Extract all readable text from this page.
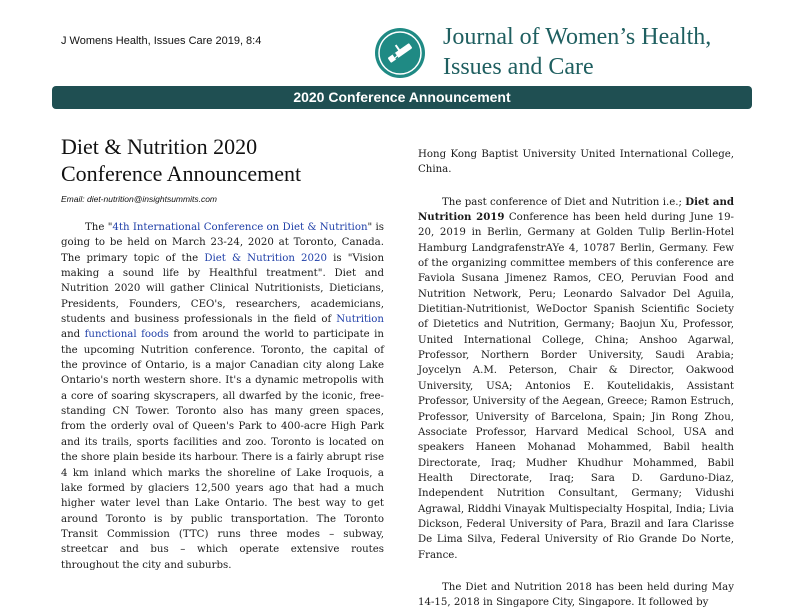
J Womens Health, Issues Care 2019, 8:4	Journal of Women’s Health,
Issues and Care
2020 Conference Announcement
Diet & Nutrition 2020
Conference Announcement
Email: diet-nutrition@insightsummits.com

The "4th International Conference on Diet & Nutrition" is going to be held on March 23-24, 2020 at Toronto, Canada. The primary topic of the Diet & Nutrition 2020 is "Vision making a sound life by Healthful treatment". Diet and Nutrition 2020 will gather Clinical Nutritionists, Dieticians, Presidents, Founders, CEO's, researchers, academicians, students and business professionals in the field of Nutrition and functional foods from around the world to participate in the upcoming Nutrition conference. Toronto, the capital of the province of Ontario, is a major Canadian city along Lake Ontario's north western shore. It's a dynamic metropolis with a core of soaring skyscrapers, all dwarfed by the iconic, free-standing CN Tower. Toronto also has many green spaces, from the orderly oval of Queen's Park to 400-acre High Park and its trails, sports facilities and zoo. Toronto is located on the shore plain beside its harbour. There is a fairly abrupt rise 4 km inland which marks the shoreline of Lake Iroquois, a lake formed by glaciers 12,500 years ago that had a much higher water level than Lake Ontario. The best way to get around Toronto is by public transportation. The Toronto Transit Commission (TTC) runs three modes – subway, streetcar and bus – which operate extensive routes throughout the city and suburbs.

Hong Kong Baptist University United International College, China.

The past conference of Diet and Nutrition i.e.; Diet and Nutrition 2019 Conference has been held during June 19-20, 2019 in Berlin, Germany at Golden Tulip Berlin-Hotel Hamburg LandgrafenstrAYe 4, 10787 Berlin, Germany. Few of the organizing committee members of this conference are Faviola Susana Jimenez Ramos, CEO, Peruvian Food and Nutrition Network, Peru; Leonardo Salvador Del Aguila, Dietitian-Nutritionist, WeDoctor Spanish Scientific Society of Dietetics and Nutrition, Germany; Baojun Xu, Professor, United International College, China; Anshoo Agarwal, Professor, Northern Border University, Saudi Arabia; Joycelyn A.M. Peterson, Chair & Director, Oakwood University, USA; Antonios E. Koutelidakis, Assistant Professor, University of the Aegean, Greece; Ramon Estruch, Professor, University of Barcelona, Spain; Jin Rong Zhou, Associate Professor, Harvard Medical School, USA and speakers Haneen Mohanad Mohammed, Babil health Directorate, Iraq; Mudher Khudhur Mohammed, Babil Health Directorate, Iraq; Sara D. Garduno-Diaz, Independent Nutrition Consultant, Germany; Vidushi Agrawal, Riddhi Vinayak Multispecialty Hospital, India; Livia Dickson, Federal University of Para, Brazil and Iara Clarisse De Lima Silva, Federal University of Rio Grande Do Norte, France.

The Diet and Nutrition 2018 has been held during May 14-15, 2018 in Singapore City, Singapore. It followed by
